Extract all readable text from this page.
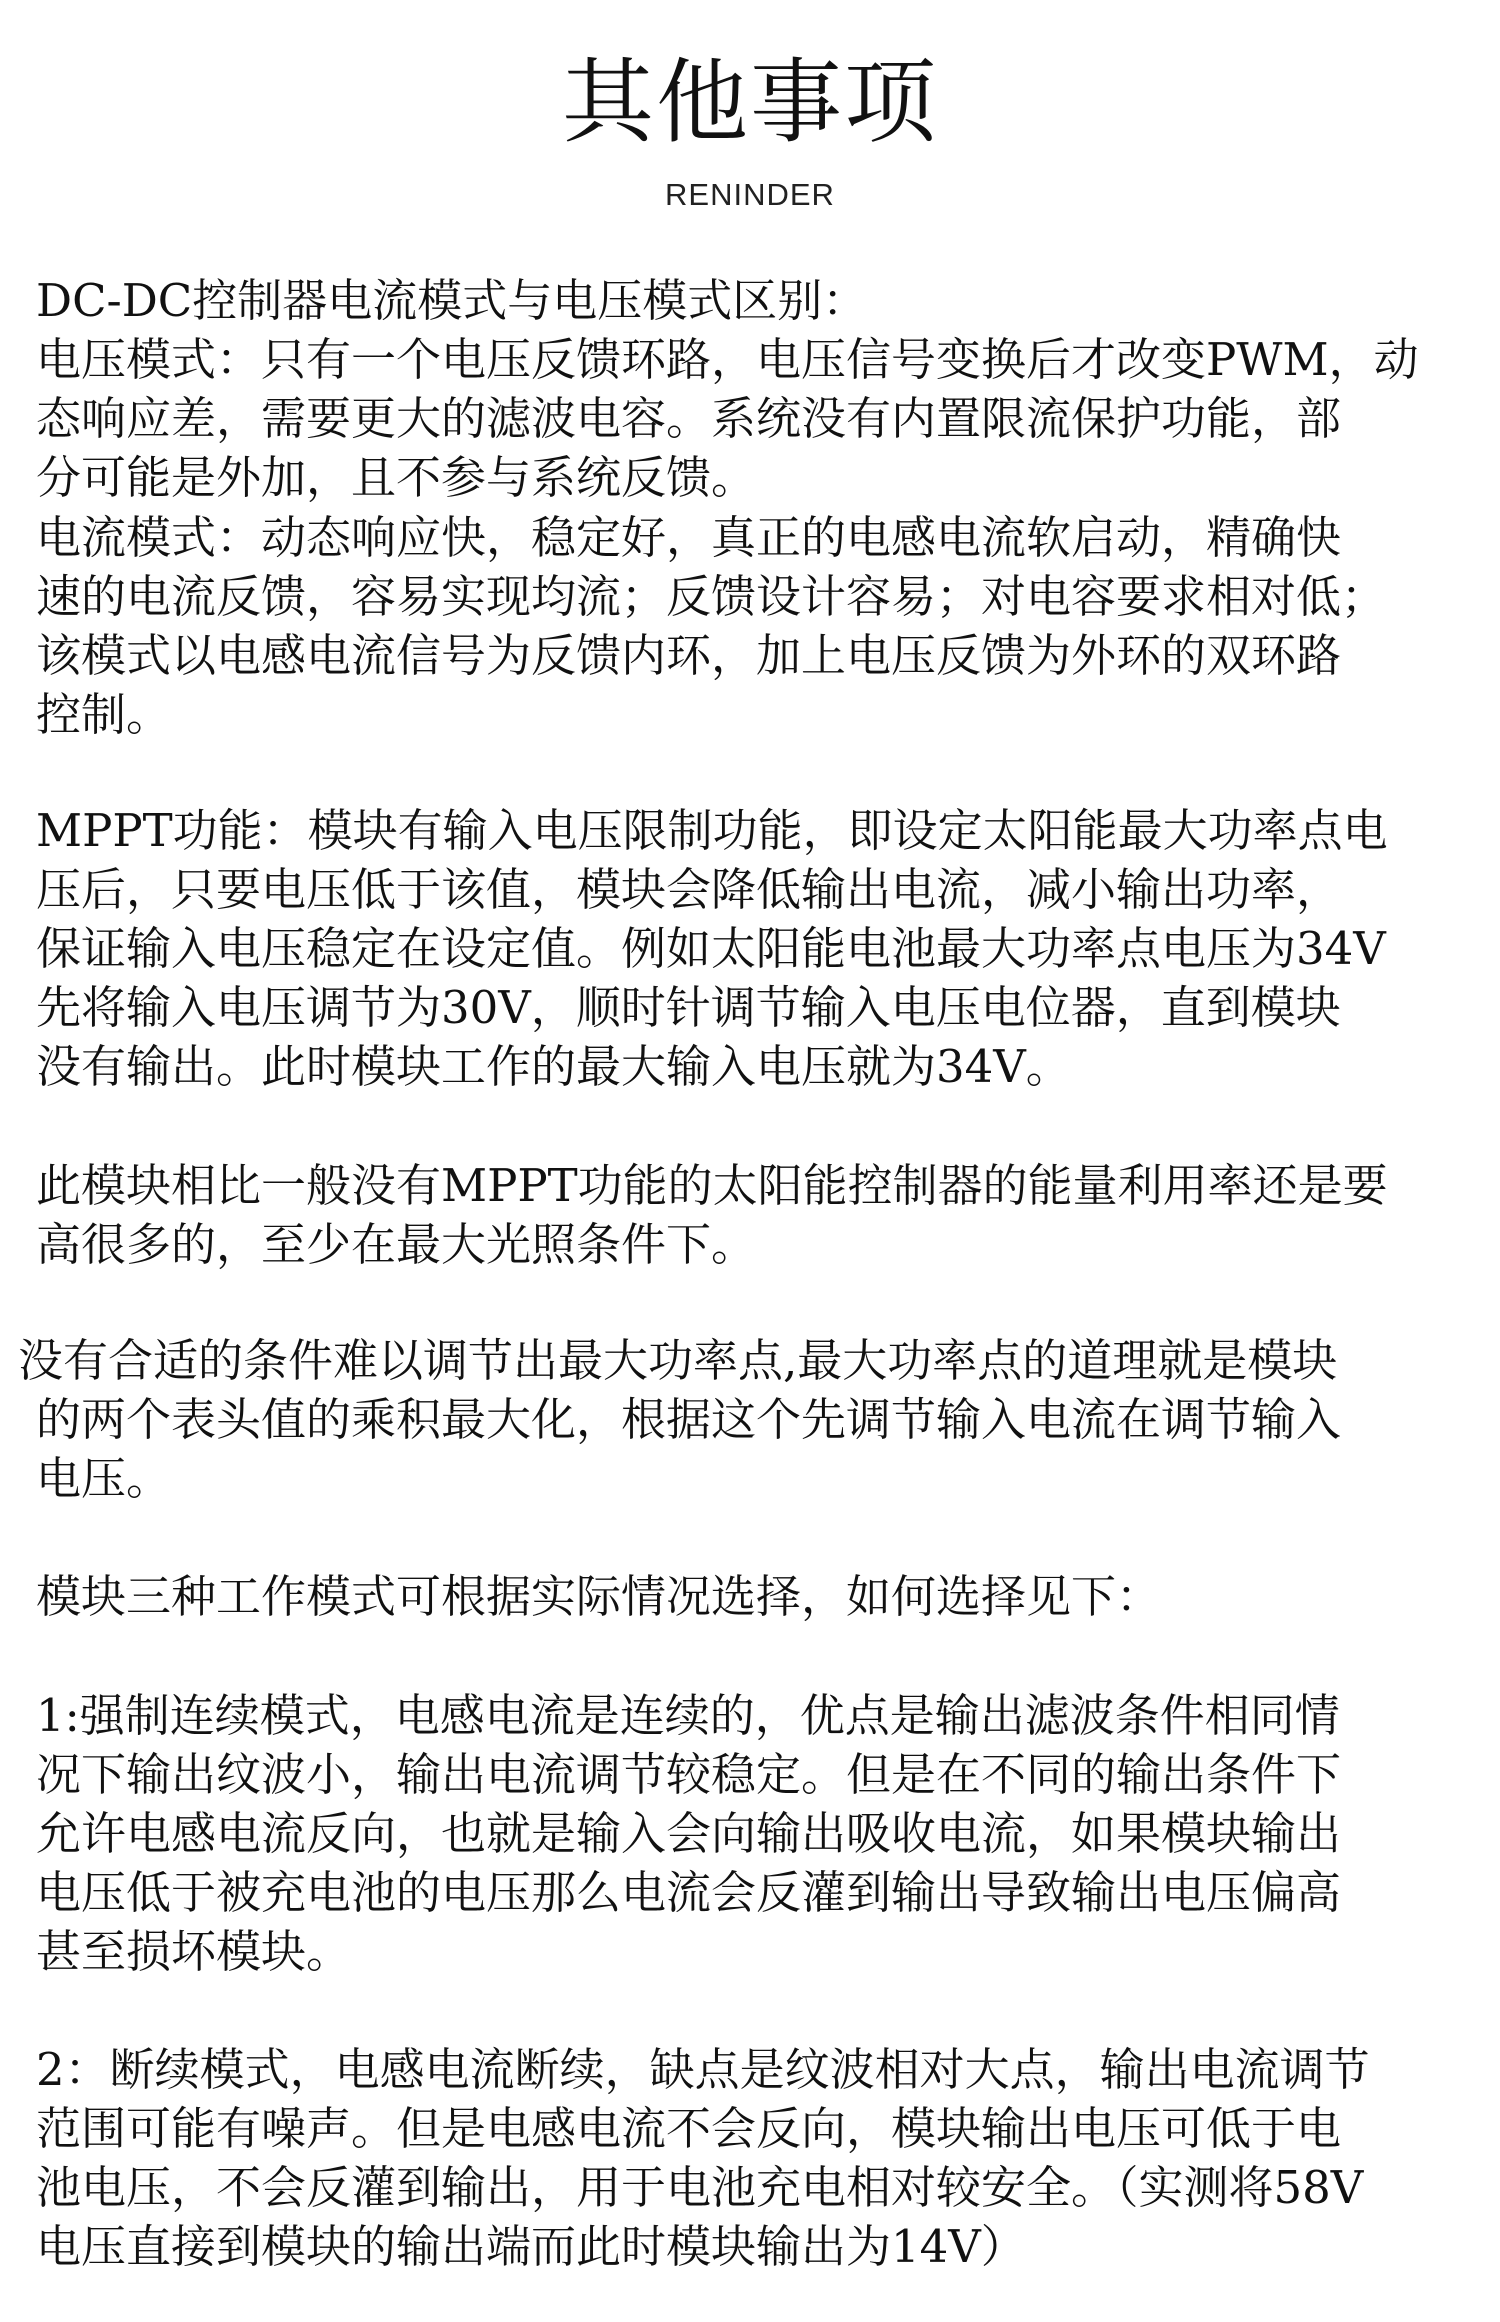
其他事项
RENINDER

DC-DC控制器电流模式与电压模式区别：

电压模式：只有一个电压反馈环路，电压信号变换后才改变PWM，动
态响应差，需要更大的滤波电容。系统没有内置限流保护功能，部
分可能是外加，且不参与系统反馈。

电流模式：动态响应快，稳定好，真正的电感电流软启动，精确快
速的电流反馈，容易实现均流；反馈设计容易；对电容要求相对低；
该模式以电感电流信号为反馈内环，加上电压反馈为外环的双环路
控制。

MPPT功能：模块有输入电压限制功能，即设定太阳能最大功率点电
压后，只要电压低于该值，模块会降低输出电流，减小输出功率，
保证输入电压稳定在设定值。例如太阳能电池最大功率点电压为34V
先将输入电压调节为30V，顺时针调节输入电压电位器，直到模块
没有输出。此时模块工作的最大输入电压就为34V。

此模块相比一般没有MPPT功能的太阳能控制器的能量利用率还是要
高很多的，至少在最大光照条件下。

没有合适的条件难以调节出最大功率点,最大功率点的道理就是模块
的两个表头值的乘积最大化，根据这个先调节输入电流在调节输入
电压。

模块三种工作模式可根据实际情况选择，如何选择见下：

1:强制连续模式，电感电流是连续的，优点是输出滤波条件相同情
况下输出纹波小，输出电流调节较稳定。但是在不同的输出条件下
允许电感电流反向，也就是输入会向输出吸收电流，如果模块输出
电压低于被充电池的电压那么电流会反灌到输出导致输出电压偏高
甚至损坏模块。

2：断续模式，电感电流断续，缺点是纹波相对大点，输出电流调节
范围可能有噪声。但是电感电流不会反向，模块输出电压可低于电
池电压，不会反灌到输出，用于电池充电相对较安全。（实测将58V
电压直接到模块的输出端而此时模块输出为14V）
